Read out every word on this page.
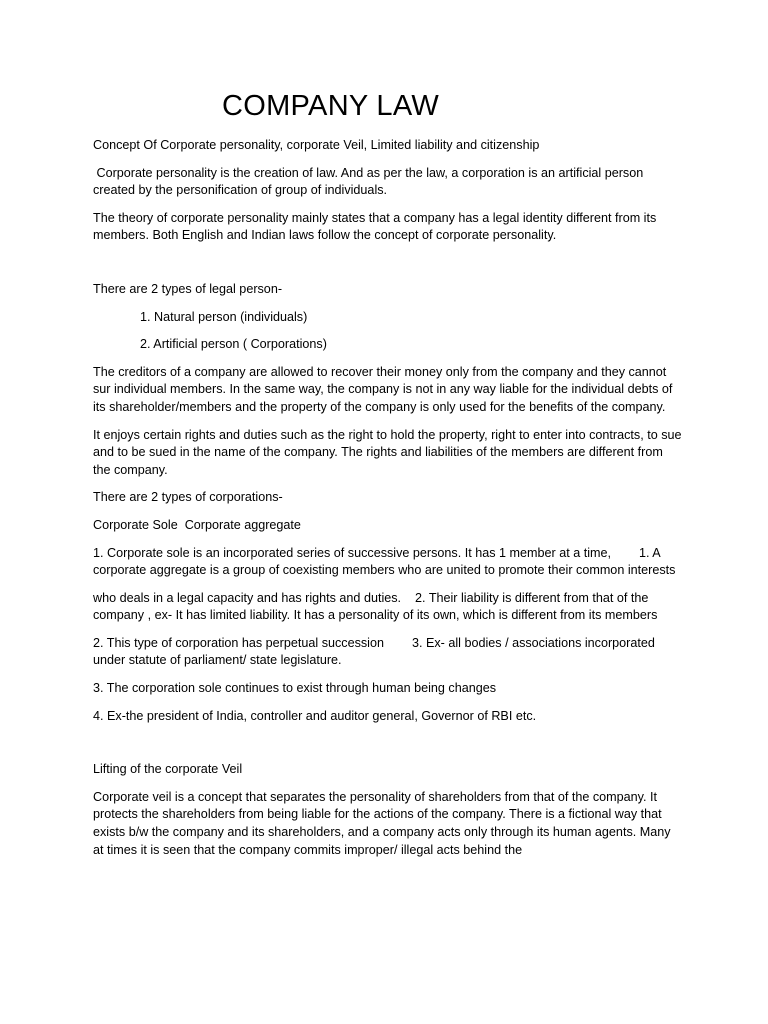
COMPANY LAW

Concept Of Corporate personality, corporate Veil, Limited liability and citizenship

Corporate personality is the creation of law. And as per the law, a corporation is an artificial person created by the personification of group of individuals.

The theory of corporate personality mainly states that a company has a legal identity different from its members. Both English and Indian laws follow the concept of corporate personality.

There are 2 types of legal person-

1. Natural person (individuals)

2. Artificial person ( Corporations)

The creditors of a company are allowed to recover their money only from the company and they cannot sur individual members. In the same way, the company is not in any way liable for the individual debts of its shareholder/members and the property of the company is only used for the benefits of the company.

It enjoys certain rights and duties such as the right to hold the property, right to enter into contracts, to sue and to be sued in the name of the company. The rights and liabilities of the members are different from the company.

There are 2 types of corporations-

Corporate Sole  Corporate aggregate

1. Corporate sole is an incorporated series of successive persons. It has 1 member at a time,        1. A corporate aggregate is a group of coexisting members who are united to promote their common interests

who deals in a legal capacity and has rights and duties.    2. Their liability is different from that of the company , ex- It has limited liability. It has a personality of its own, which is different from its members

2. This type of corporation has perpetual succession        3. Ex- all bodies / associations incorporated under statute of parliament/ state legislature.

3. The corporation sole continues to exist through human being changes

4. Ex-the president of India, controller and auditor general, Governor of RBI etc.

Lifting of the corporate Veil

Corporate veil is a concept that separates the personality of shareholders from that of the company. It protects the shareholders from being liable for the actions of the company. There is a fictional way that exists b/w the company and its shareholders, and a company acts only through its human agents. Many at times it is seen that the company commits improper/ illegal acts behind the
